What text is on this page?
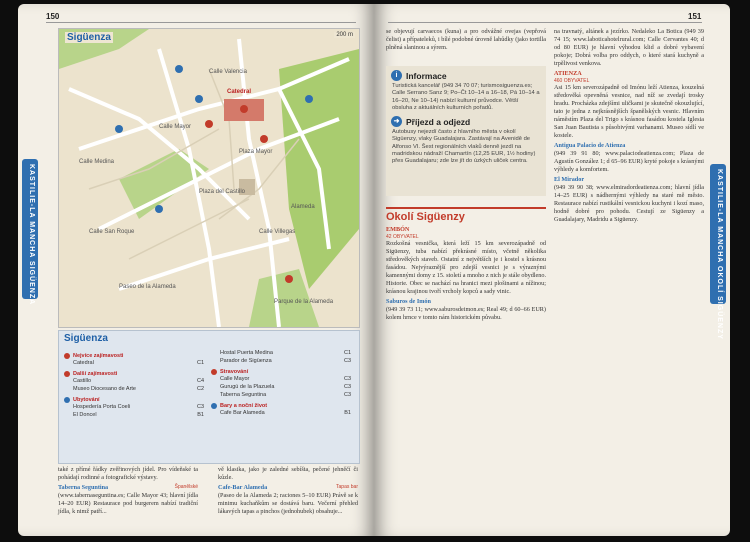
150
KASTILIE-LA MANCHA SIGÜENZA
Sigüenza	200 m
Calle Valencia
Calle Mayor
Plaza del Castillo
Calle San Roque
Paseo de la Alameda
Calle Medina
Calle Villegas
Alameda
Catedral
Plaza Mayor
Parque de la Alameda
Sigüenza
Nejvíce zajímavosti
Catedral	C1
Další zajímavosti
Castillo	C4
Museo Diocesano de Arte	C2
Ubytování
Hospedería Porta Coeli	C3
El Doncel	B1
Hostal Puerta Medina	C1
Parador de Sigüenza	C3
Stravování
Calle Mayor	C3
Gurugú de la Plazuela	C3
Taberna Seguntina	C3
Bary a noční život
Cafe Bar Alameda	B1

také z přímé řádky zvěřinových jídel. Pro vídeňské ta pohádají rodinné a fotografické výstavy.

Taberna Seguntina	Španělské

(www.tabernaseguntina.es; Calle Mayor 43; hlavní jídla 14–20 EUR) Restaurace pod burgerem nabízí tradiční jídla, k nimž patří...

vě klasika, jako je zaledné sebíšta, pečené jehněčí či kůzle.

Cafe-Bar Alameda	Tapas bar

(Paseo de la Alameda 2; raciones 5–10 EUR) Právě se k minimu kuchaňkům se dostává baru. Večerní přehled lákavých tapas a pinchos (jednohubek) obsahuje...

151
KASTILIE-LA MANCHA OKOLÍ SIGÜENZY

se objevují carvaecos (kuna) a pro odvážné ovejas (vepřová čelist) a přípateleků, i bílé podobné úrovně lahůdky (jako tortilla plněná slaninou a sýrem.

i	Informace
Turistická kancelář (949 34 70 07; turismosiguenza.es; Calle Serrano Sanz 9; Po–Čt 10–14 a 16–18, Pá 10–14 a 16–20, Ne 10–14) nabízí kulturní průvodce. Větší obsluha z aktuálních kulturních pořadů.
➜ Příjezd a odjezd
Autobusy nejezdí často z hlavního města v okolí Sigüenzy, vlaky Guadalajara. Zastávají na Avenidě de Alfonso VI. Šest regionálních vlaků denně jezdí na madridskou nádraží Chamartín (12,25 EUR, 1½ hodiny) přes Guadalajaru; zde lze jít do úzkých uliček centra.
Okolí Sigüenzy
EMBÓN
42 OBYVATEL

Rozkošná vesnička, která leží 15 km severozápadně od Sigüenzy, tuba nabízí překrásné místo, včetně několika středověkých staveb. Ostatní z největších je i kostel s krásnou fasádou. Nejvýraznější pro zdejší vesnici je s výraznými kamennými domy z 15. století a mnoho z nich je stále obydleno. Historie. Obec se nachází na hranici mezi plošinami a nížinou; krásnou krajinou tvoří vrcholy kopců a sady vinic.

Saburos de Imón

(949 39 73 11; www.saburosdeimon.es; Real 49; d 60–66 EUR) kolem hrnce v tomto nám historickém půvabu.

na travnatý, altánek a jezírko. Nedaleko La Botica (949 39 74 15; www.laboticahotelrural.com; Calle Cervantes 40; d od 80 EUR) je hlavní výhodou klid a dobré vybavení pokoje; Dobrá volba pro oddych, o které stará kuchyně a trpělivost venkova.

ATIENZA
460 OBYVATEL

Asi 15 km severozápadně od Imónu leží Atienza, kouzelná středověká opevněná vesnice, nad níž se zvedají trosky hradu. Procházka zdejšími uličkami je skutečně okouzlující, tato je jedna z nejkrásnějších španělských vesnic. Hlavním náměstím Plaza del Trigo s krásnou fasádou kostela Iglesia San Juan Bautista s působivými varhanami. Museo sídlí ve kostele.

Antigua Palacio de Atienza

(949 39 91 80; www.palaciodeatienza.com; Plaza de Agustín González 1; d 65–96 EUR) kryté pokoje s krásnými výhledy a komfortem.

El Mirador

(949 39 90 38; www.elmiradordeatienza.com; hlavní jídla 14–25 EUR) s nádhernými výhledy na staré mě město. Restaurace nabízí rustikální vesnickou kuchyni i kozí maso, hodně dobré pro pohodu. Cestují ze Sigüenzy a Guadalajary, Madridu a Sigüenzy.
